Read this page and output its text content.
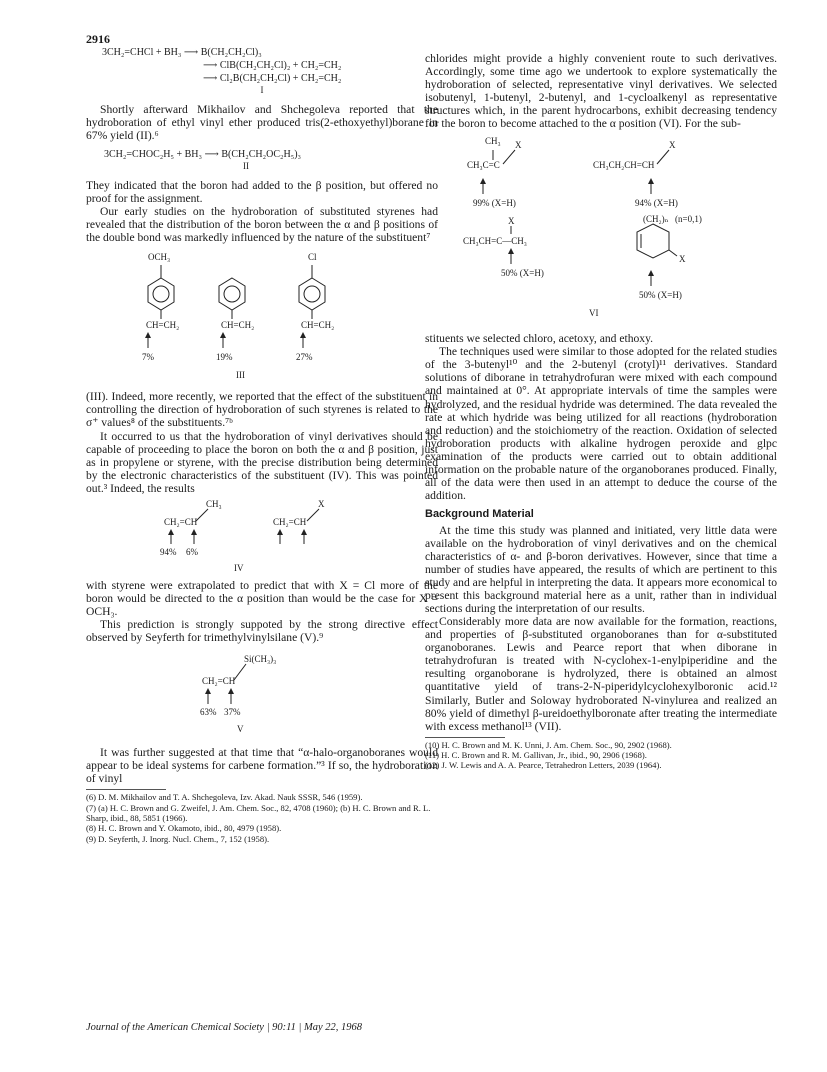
2916
3CH₂=CHCl + BH₃ ⟶ B(CH₂CH₂Cl)₃
⟶ ClB(CH₂CH₂Cl)₂ + CH₂=CH₂
⟶ Cl₂B(CH₂CH₂Cl) + CH₂=CH₂
I

Shortly afterward Mikhailov and Shchegoleva reported that the hydroboration of ethyl vinyl ether produced tris(2-ethoxyethyl)borane in 67% yield (II).⁶

3CH₂=CHOC₂H₅ + BH₃ ⟶ B(CH₂CH₂OC₂H₅)₃
II

They indicated that the boron had added to the β position, but offered no proof for the assignment.

Our early studies on the hydroboration of substituted styrenes had revealed that the distribution of the boron between the α and β positions of the double bond was markedly influenced by the nature of the substituent⁷

OCH₃	Cl
CH=CH₂	CH=CH₂	CH=CH₂
7%	19%	27%
III

(III). Indeed, more recently, we reported that the effect of the substituent in controlling the direction of hydroboration of such styrenes is related to the σ⁺ values⁸ of the substituents.⁷ᵇ

It occurred to us that the hydroboration of vinyl derivatives should be capable of proceeding to place the boron on both the α and β position, just as in propylene or styrene, with the precise distribution being determined by the electronic characteristics of the substituent (IV). This was pointed out.³ Indeed, the results

CH₃	X
CH₂=CH	CH₂=CH
94% 6%
IV

with styrene were extrapolated to predict that with X = Cl more of the boron would be directed to the α position than would be the case for X = OCH₃.

This prediction is strongly suppoted by the strong directive effect observed by Seyferth for trimethylvinylsilane (V).⁹

Si(CH₃)₃
CH₂=CH
63% 37%
V

It was further suggested at that time that “α-halo-organoboranes would appear to be ideal systems for carbene formation.”³ If so, the hydroboration of vinyl

(6) D. M. Mikhailov and T. A. Shchegoleva, Izv. Akad. Nauk SSSR, 546 (1959).

(7) (a) H. C. Brown and G. Zweifel, J. Am. Chem. Soc., 82, 4708 (1960); (b) H. C. Brown and R. L. Sharp, ibid., 88, 5851 (1966).

(8) H. C. Brown and Y. Okamoto, ibid., 80, 4979 (1958).

(9) D. Seyferth, J. Inorg. Nucl. Chem., 7, 152 (1958).

chlorides might provide a highly convenient route to such derivatives. Accordingly, some time ago we undertook to explore systematically the hydroboration of selected, representative vinyl derivatives. We selected isobutenyl, 1-butenyl, 2-butenyl, and 1-cycloalkenyl as representative structures which, in the parent hydrocarbons, exhibit decreasing tendency for the boron to become attached to the α position (VI). For the sub-

CH₃ X
CH₃C=C
99% (X=H)
X
CH₃CH₂CH=CH
94% (X=H)
X
CH₃CH=C—CH₃
50% (X=H)
(CH₂)ₙ (n=0,1)
X
50% (X=H)
VI

stituents we selected chloro, acetoxy, and ethoxy.

The techniques used were similar to those adopted for the related studies of the 3-butenyl¹⁰ and the 2-butenyl (crotyl)¹¹ derivatives. Standard solutions of diborane in tetrahydrofuran were mixed with each compound and maintained at 0°. At appropriate intervals of time the samples were hydrolyzed, and the residual hydride was determined. The data revealed the rate at which hydride was being utilized for all reactions (hydroboration and reduction) and the stoichiometry of the reaction. Oxidation of selected hydroboration products with alkaline hydrogen peroxide and glpc examination of the products were carried out to obtain additional information on the probable nature of the organoboranes produced. Finally, all of the data were then used in an attempt to deduce the course of the addition.

Background Material

At the time this study was planned and initiated, very little data were available on the hydroboration of vinyl derivatives and on the chemical characteristics of α- and β-boron derivatives. However, since that time a number of studies have appeared, the results of which are pertinent to this study and are helpful in interpreting the data. It appears more economical to present this background material here as a unit, rather than in individual sections during the interpretation of our results.

Considerably more data are now available for the formation, reactions, and properties of β-substituted organoboranes than for α-substituted organoboranes. Lewis and Pearce report that when diborane in tetrahydrofuran is treated with N-cyclohex-1-enylpiperidine and the resulting organoborane is hydrolyzed, there is obtained an almost quantitative yield of trans-2-N-piperidylcyclohexylboronic acid.¹² Similarly, Butler and Soloway hydroborated N-vinylurea and realized an 80% yield of dimethyl β-ureidoethylboronate after treating the intermediate with excess methanol¹³ (VII).

(10) H. C. Brown and M. K. Unni, J. Am. Chem. Soc., 90, 2902 (1968).

(11) H. C. Brown and R. M. Gallivan, Jr., ibid., 90, 2906 (1968).

(12) J. W. Lewis and A. A. Pearce, Tetrahedron Letters, 2039 (1964).

Journal of the American Chemical Society | 90:11 | May 22, 1968
